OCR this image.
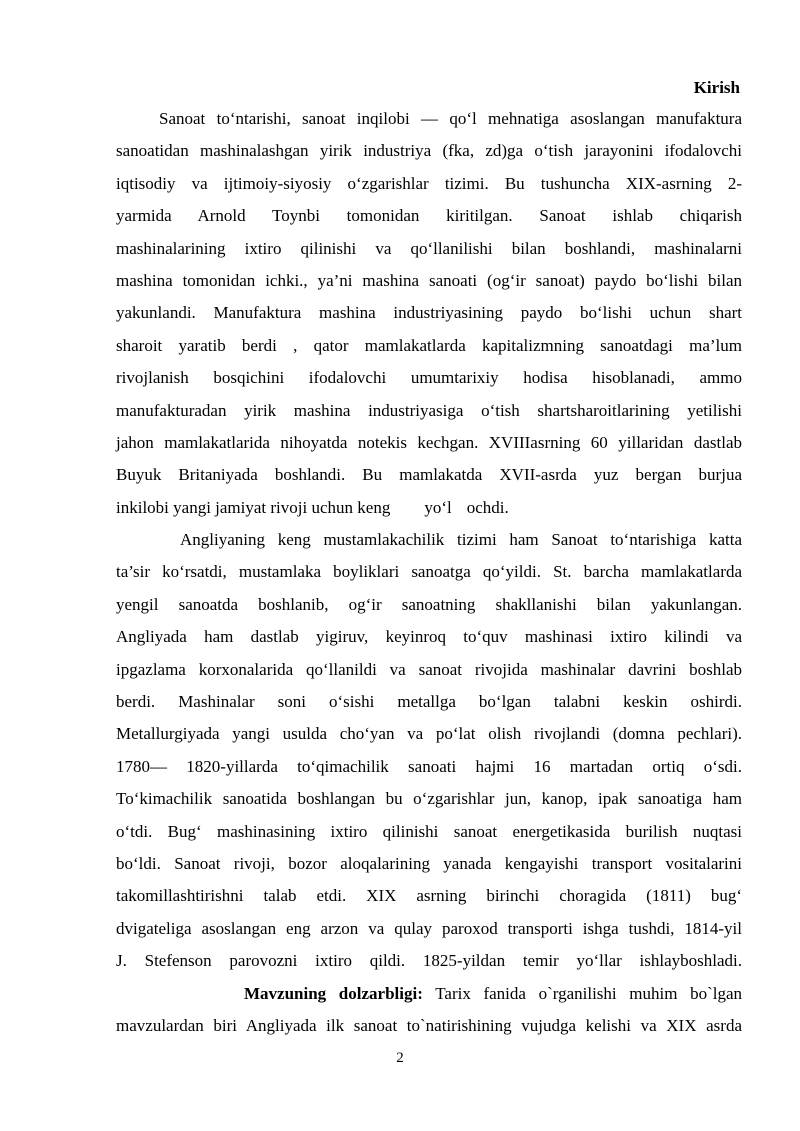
Kirish
Sanoat to‘ntarishi, sanoat inqilobi — qo‘l mehnatiga asoslangan manufaktura
sanoatidan mashinalashgan yirik industriya (fka, zd)ga o‘tish jarayonini ifodalovchi
iqtisodiy va ijtimoiy-siyosiy o‘zgarishlar tizimi. Bu tushuncha XIX-asrning 2-
yarmida Arnold Toynbi tomonidan kiritilgan. Sanoat ishlab chiqarish
mashinalarining ixtiro qilinishi va qo‘llanilishi bilan boshlandi, mashinalarni
mashina tomonidan ichki., ya’ni mashina sanoati (og‘ir sanoat) paydo bo‘lishi bilan
yakunlandi. Manufaktura mashina industriyasining paydo bo‘lishi uchun shart
sharoit yaratib berdi , qator mamlakatlarda kapitalizmning sanoatdagi ma’lum
rivojlanish bosqichini ifodalovchi umumtarixiy hodisa hisoblanadi, ammo
manufakturadan yirik mashina industriyasiga o‘tish shartsharoitlarining yetilishi
jahon mamlakatlarida nihoyatda notekis kechgan. XVIIIasrning 60 yillaridan dastlab
Buyuk Britaniyada boshlandi. Bu mamlakatda XVII-asrda yuz bergan burjua
inkilobi yangi jamiyat rivoji uchun keng yo‘l ochdi.
Angliyaning keng mustamlakachilik tizimi ham Sanoat to‘ntarishiga katta
ta’sir ko‘rsatdi, mustamlaka boyliklari sanoatga qo‘yildi. St. barcha mamlakatlarda
yengil sanoatda boshlanib, og‘ir sanoatning shakllanishi bilan yakunlangan.
Angliyada ham dastlab yigiruv, keyinroq to‘quv mashinasi ixtiro kilindi va
ipgazlama korxonalarida qo‘llanildi va sanoat rivojida mashinalar davrini boshlab
berdi. Mashinalar soni o‘sishi metallga bo‘lgan talabni keskin oshirdi.
Metallurgiyada yangi usulda cho‘yan va po‘lat olish rivojlandi (domna pechlari).
1780— 1820-yillarda to‘qimachilik sanoati hajmi 16 martadan ortiq o‘sdi.
To‘kimachilik sanoatida boshlangan bu o‘zgarishlar jun, kanop, ipak sanoatiga ham
o‘tdi. Bug‘ mashinasining ixtiro qilinishi sanoat energetikasida burilish nuqtasi
bo‘ldi. Sanoat rivoji, bozor aloqalarining yanada kengayishi transport vositalarini
takomillashtirishni talab etdi. XIX asrning birinchi choragida (1811) bug‘
dvigateliga asoslangan eng arzon va qulay paroxod transporti ishga tushdi, 1814-yil
J. Stefenson parovozni ixtiro qildi. 1825-yildan temir yo‘llar ishlayboshladi.
Mavzuning dolzarbligi: Tarix fanida o`rganilishi muhim bo`lgan
mavzulardan biri Angliyada ilk sanoat to`natirishining vujudga kelishi va XIX asrda
2
